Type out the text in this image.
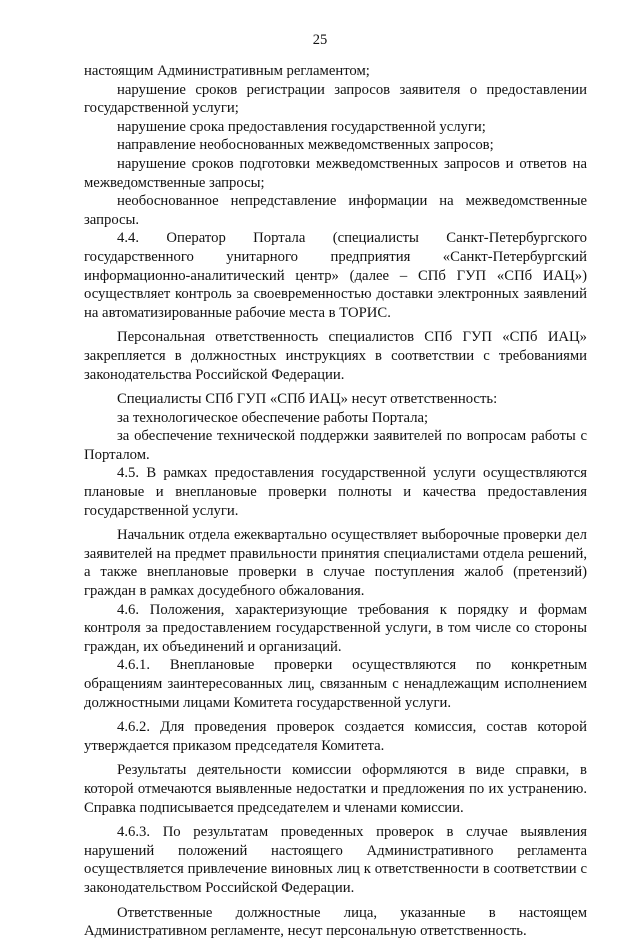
25

настоящим Административным регламентом;

нарушение сроков регистрации запросов заявителя о предоставлении государственной услуги;

нарушение срока предоставления государственной услуги;

направление необоснованных межведомственных запросов;

нарушение сроков подготовки межведомственных запросов и ответов на межведомственные запросы;

необоснованное непредставление информации на межведомственные запросы.

4.4. Оператор Портала (специалисты Санкт-Петербургского государственного унитарного предприятия «Санкт-Петербургский информационно-аналитический центр» (далее – СПб ГУП «СПб ИАЦ») осуществляет контроль за своевременностью доставки электронных заявлений на автоматизированные рабочие места в ТОРИС.

Персональная ответственность специалистов СПб ГУП «СПб ИАЦ» закрепляется в должностных инструкциях в соответствии с требованиями законодательства Российской Федерации.

Специалисты СПб ГУП «СПб ИАЦ» несут ответственность:

за технологическое обеспечение работы Портала;

за обеспечение технической поддержки заявителей по вопросам работы с Порталом.

4.5. В рамках предоставления государственной услуги осуществляются плановые и внеплановые проверки полноты и качества предоставления государственной услуги.

Начальник отдела ежеквартально осуществляет выборочные проверки дел заявителей на предмет правильности принятия специалистами отдела решений, а также внеплановые проверки в случае поступления жалоб (претензий) граждан в рамках досудебного обжалования.

4.6. Положения, характеризующие требования к порядку и формам контроля за предоставлением государственной услуги, в том числе со стороны граждан, их объединений и организаций.

4.6.1. Внеплановые проверки осуществляются по конкретным обращениям заинтересованных лиц, связанным с ненадлежащим исполнением должностными лицами Комитета государственной услуги.

4.6.2. Для проведения проверок создается комиссия, состав которой утверждается приказом председателя Комитета.

Результаты деятельности комиссии оформляются в виде справки, в которой отмечаются выявленные недостатки и предложения по их устранению. Справка подписывается председателем и членами комиссии.

4.6.3. По результатам проведенных проверок в случае выявления нарушений положений настоящего Административного регламента осуществляется привлечение виновных лиц к ответственности в соответствии с законодательством Российской Федерации.

Ответственные должностные лица, указанные в настоящем Административном регламенте, несут персональную ответственность.
